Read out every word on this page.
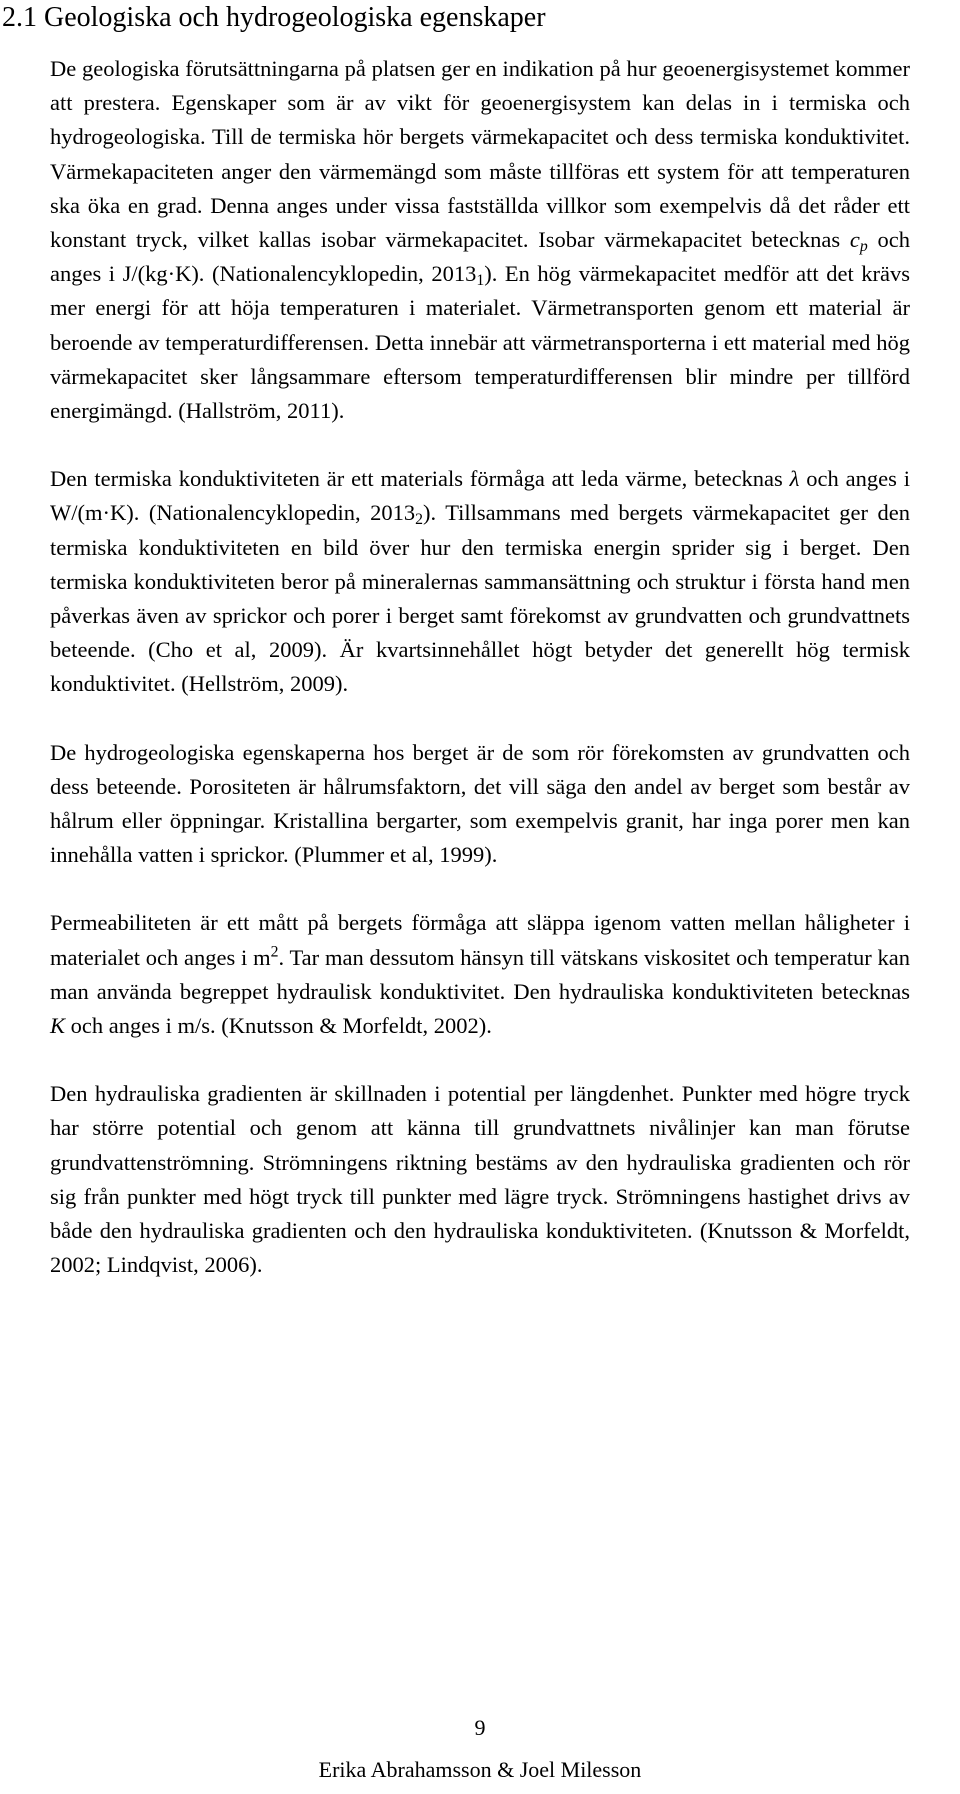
2.1 Geologiska och hydrogeologiska egenskaper

De geologiska förutsättningarna på platsen ger en indikation på hur geoenergisystemet kommer att prestera. Egenskaper som är av vikt för geoenergisystem kan delas in i termiska och hydrogeologiska. Till de termiska hör bergets värmekapacitet och dess termiska konduktivitet. Värmekapaciteten anger den värmemängd som måste tillföras ett system för att temperaturen ska öka en grad. Denna anges under vissa fastställda villkor som exempelvis då det råder ett konstant tryck, vilket kallas isobar värmekapacitet. Isobar värmekapacitet betecknas $c_p$ och anges i J/(kg·K). (Nationalencyklopedin, $2013_1$). En hög värmekapacitet medför att det krävs mer energi för att höja temperaturen i materialet. Värmetransporten genom ett material är beroende av temperaturdifferensen. Detta innebär att värmetransporterna i ett material med hög värmekapacitet sker långsammare eftersom temperaturdifferensen blir mindre per tillförd energimängd. (Hallström, 2011).

Den termiska konduktiviteten är ett materials förmåga att leda värme, betecknas λ och anges i W/(m·K). (Nationalencyklopedin, $2013_2$). Tillsammans med bergets värmekapacitet ger den termiska konduktiviteten en bild över hur den termiska energin sprider sig i berget. Den termiska konduktiviteten beror på mineralernas sammansättning och struktur i första hand men påverkas även av sprickor och porer i berget samt förekomst av grundvatten och grundvattnets beteende. (Cho et al, 2009). Är kvartsinnehållet högt betyder det generellt hög termisk konduktivitet. (Hellström, 2009).

De hydrogeologiska egenskaperna hos berget är de som rör förekomsten av grundvatten och dess beteende. Porositeten är hålrumsfaktorn, det vill säga den andel av berget som består av hålrum eller öppningar. Kristallina bergarter, som exempelvis granit, har inga porer men kan innehålla vatten i sprickor. (Plummer et al, 1999).

Permeabiliteten är ett mått på bergets förmåga att släppa igenom vatten mellan håligheter i materialet och anges i $m^2$. Tar man dessutom hänsyn till vätskans viskositet och temperatur kan man använda begreppet hydraulisk konduktivitet. Den hydrauliska konduktiviteten betecknas K och anges i m/s. (Knutsson & Morfeldt, 2002).

Den hydrauliska gradienten är skillnaden i potential per längdenhet. Punkter med högre tryck har större potential och genom att känna till grundvattnets nivålinjer kan man förutse grundvattenströmning. Strömningens riktning bestäms av den hydrauliska gradienten och rör sig från punkter med högt tryck till punkter med lägre tryck. Strömningens hastighet drivs av både den hydrauliska gradienten och den hydrauliska konduktiviteten. (Knutsson & Morfeldt, 2002; Lindqvist, 2006).

9
Erika Abrahamsson & Joel Milesson
